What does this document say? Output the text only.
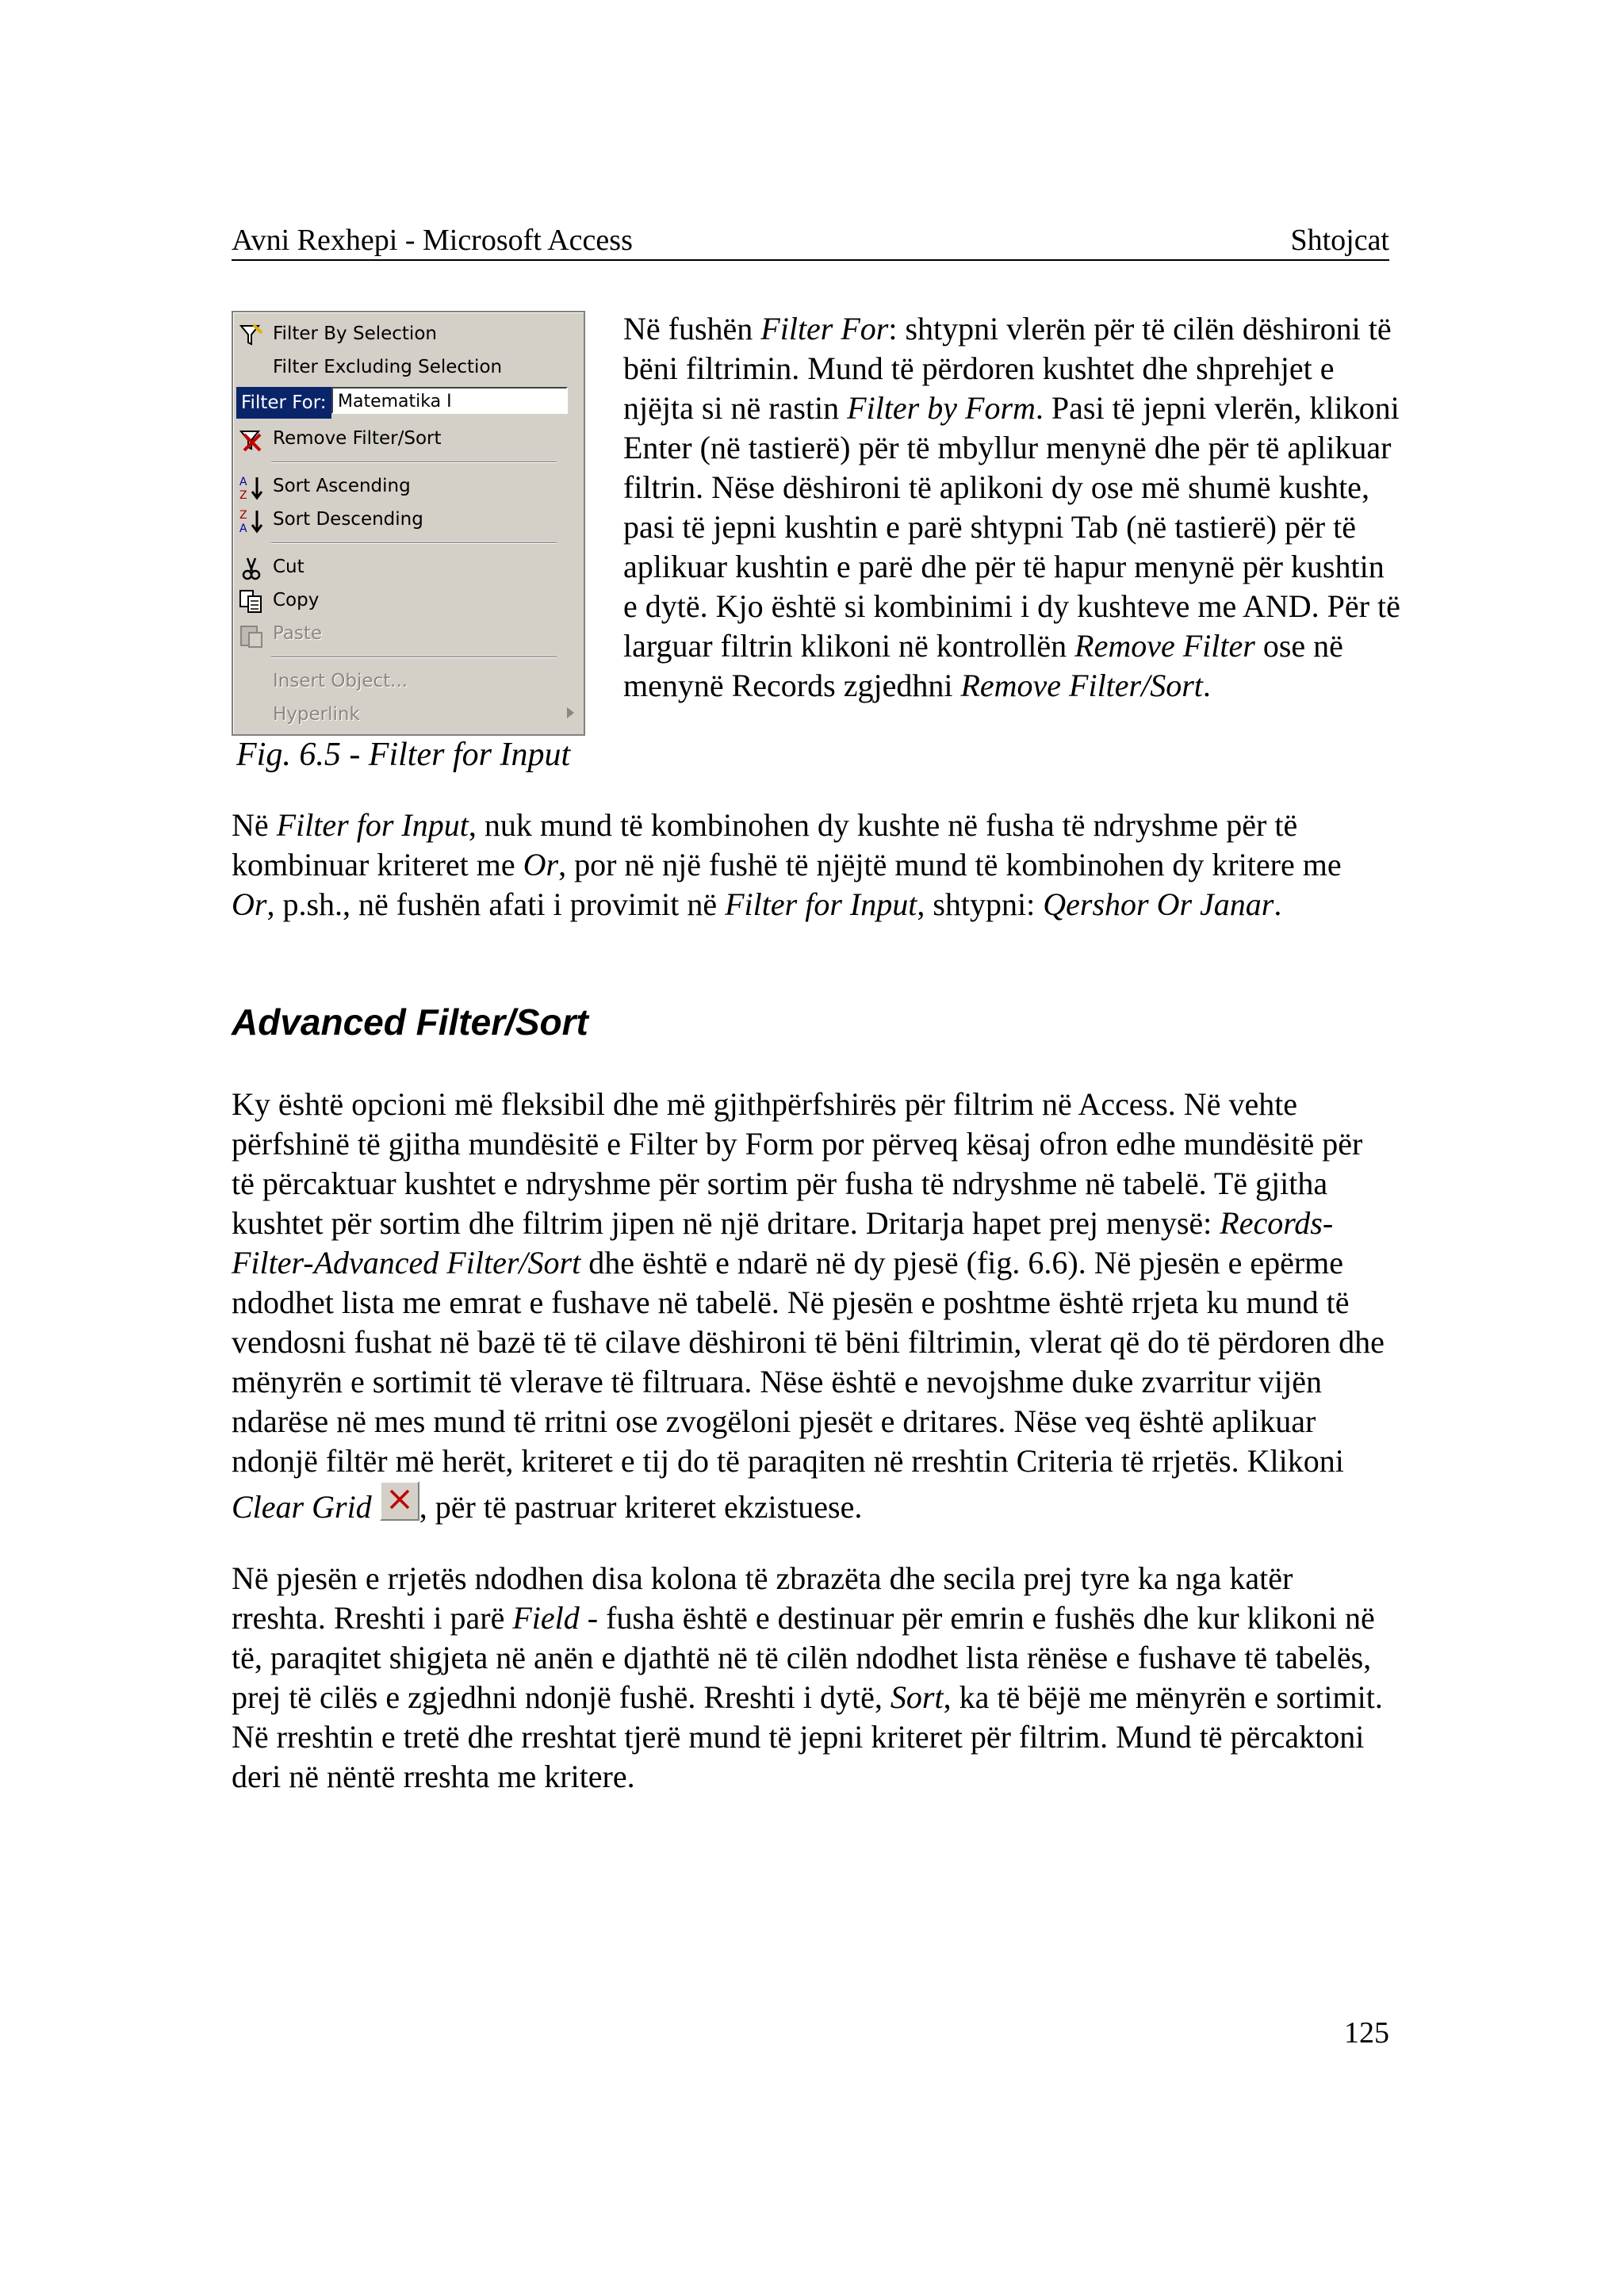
Avni Rexhepi - Microsoft Access	Shtojcat
Filter By Selection
Filter Excluding Selection
Filter For: Matematika I
Remove Filter/Sort
A
Z Sort Ascending
Z
A Sort Descending
Cut
Copy
Paste
Insert Object...
Hyperlink
Fig. 6.5 - Filter for Input

Në fushën Filter For: shtypni vlerën për të cilën dëshironi të bëni filtrimin. Mund të përdoren kushtet dhe shprehjet e njëjta si në rastin Filter by Form. Pasi të jepni vlerën, klikoni Enter (në tastierë) për të mbyllur menynë dhe për të aplikuar filtrin. Nëse dëshironi të aplikoni dy ose më shumë kushte, pasi të jepni kushtin e parë shtypni Tab (në tastierë) për të aplikuar kushtin e parë dhe për të hapur menynë për kushtin e dytë. Kjo është si kombinimi i dy kushteve me AND. Për të larguar filtrin klikoni në kontrollën Remove Filter ose në menynë Records zgjedhni Remove Filter/Sort.

Në Filter for Input, nuk mund të kombinohen dy kushte në fusha të ndryshme për të kombinuar kriteret me Or, por në një fushë të njëjtë mund të kombinohen dy kritere me Or, p.sh., në fushën afati i provimit në Filter for Input, shtypni: Qershor Or Janar.

Advanced Filter/Sort

Ky është opcioni më fleksibil dhe më gjithpërfshirës për filtrim në Access. Në vehte përfshinë të gjitha mundësitë e Filter by Form por përveq kësaj ofron edhe mundësitë për të përcaktuar kushtet e ndryshme për sortim për fusha të ndryshme në tabelë. Të gjitha kushtet për sortim dhe filtrim jipen në një dritare. Dritarja hapet prej menysë: Records-Filter-Advanced Filter/Sort dhe është e ndarë në dy pjesë (fig. 6.6). Në pjesën e epërme ndodhet lista me emrat e fushave në tabelë. Në pjesën e poshtme është rrjeta ku mund të vendosni fushat në bazë të të cilave dëshironi të bëni filtrimin, vlerat që do të përdoren dhe mënyrën e sortimit të vlerave të filtruara. Nëse është e nevojshme duke zvarritur vijën ndarëse në mes mund të rritni ose zvogëloni pjesët e dritares. Nëse veq është aplikuar ndonjë filtër më herët, kriteret e tij do të paraqiten në rreshtin Criteria të rrjetës. Klikoni Clear Grid , për të pastruar kriteret ekzistuese.

Në pjesën e rrjetës ndodhen disa kolona të zbrazëta dhe secila prej tyre ka nga katër rreshta. Rreshti i parë Field - fusha është e destinuar për emrin e fushës dhe kur klikoni në të, paraqitet shigjeta në anën e djathtë në të cilën ndodhet lista rënëse e fushave të tabelës, prej të cilës e zgjedhni ndonjë fushë. Rreshti i dytë, Sort, ka të bëjë me mënyrën e sortimit. Në rreshtin e tretë dhe rreshtat tjerë mund të jepni kriteret për filtrim. Mund të përcaktoni deri në nëntë rreshta me kritere.

125
